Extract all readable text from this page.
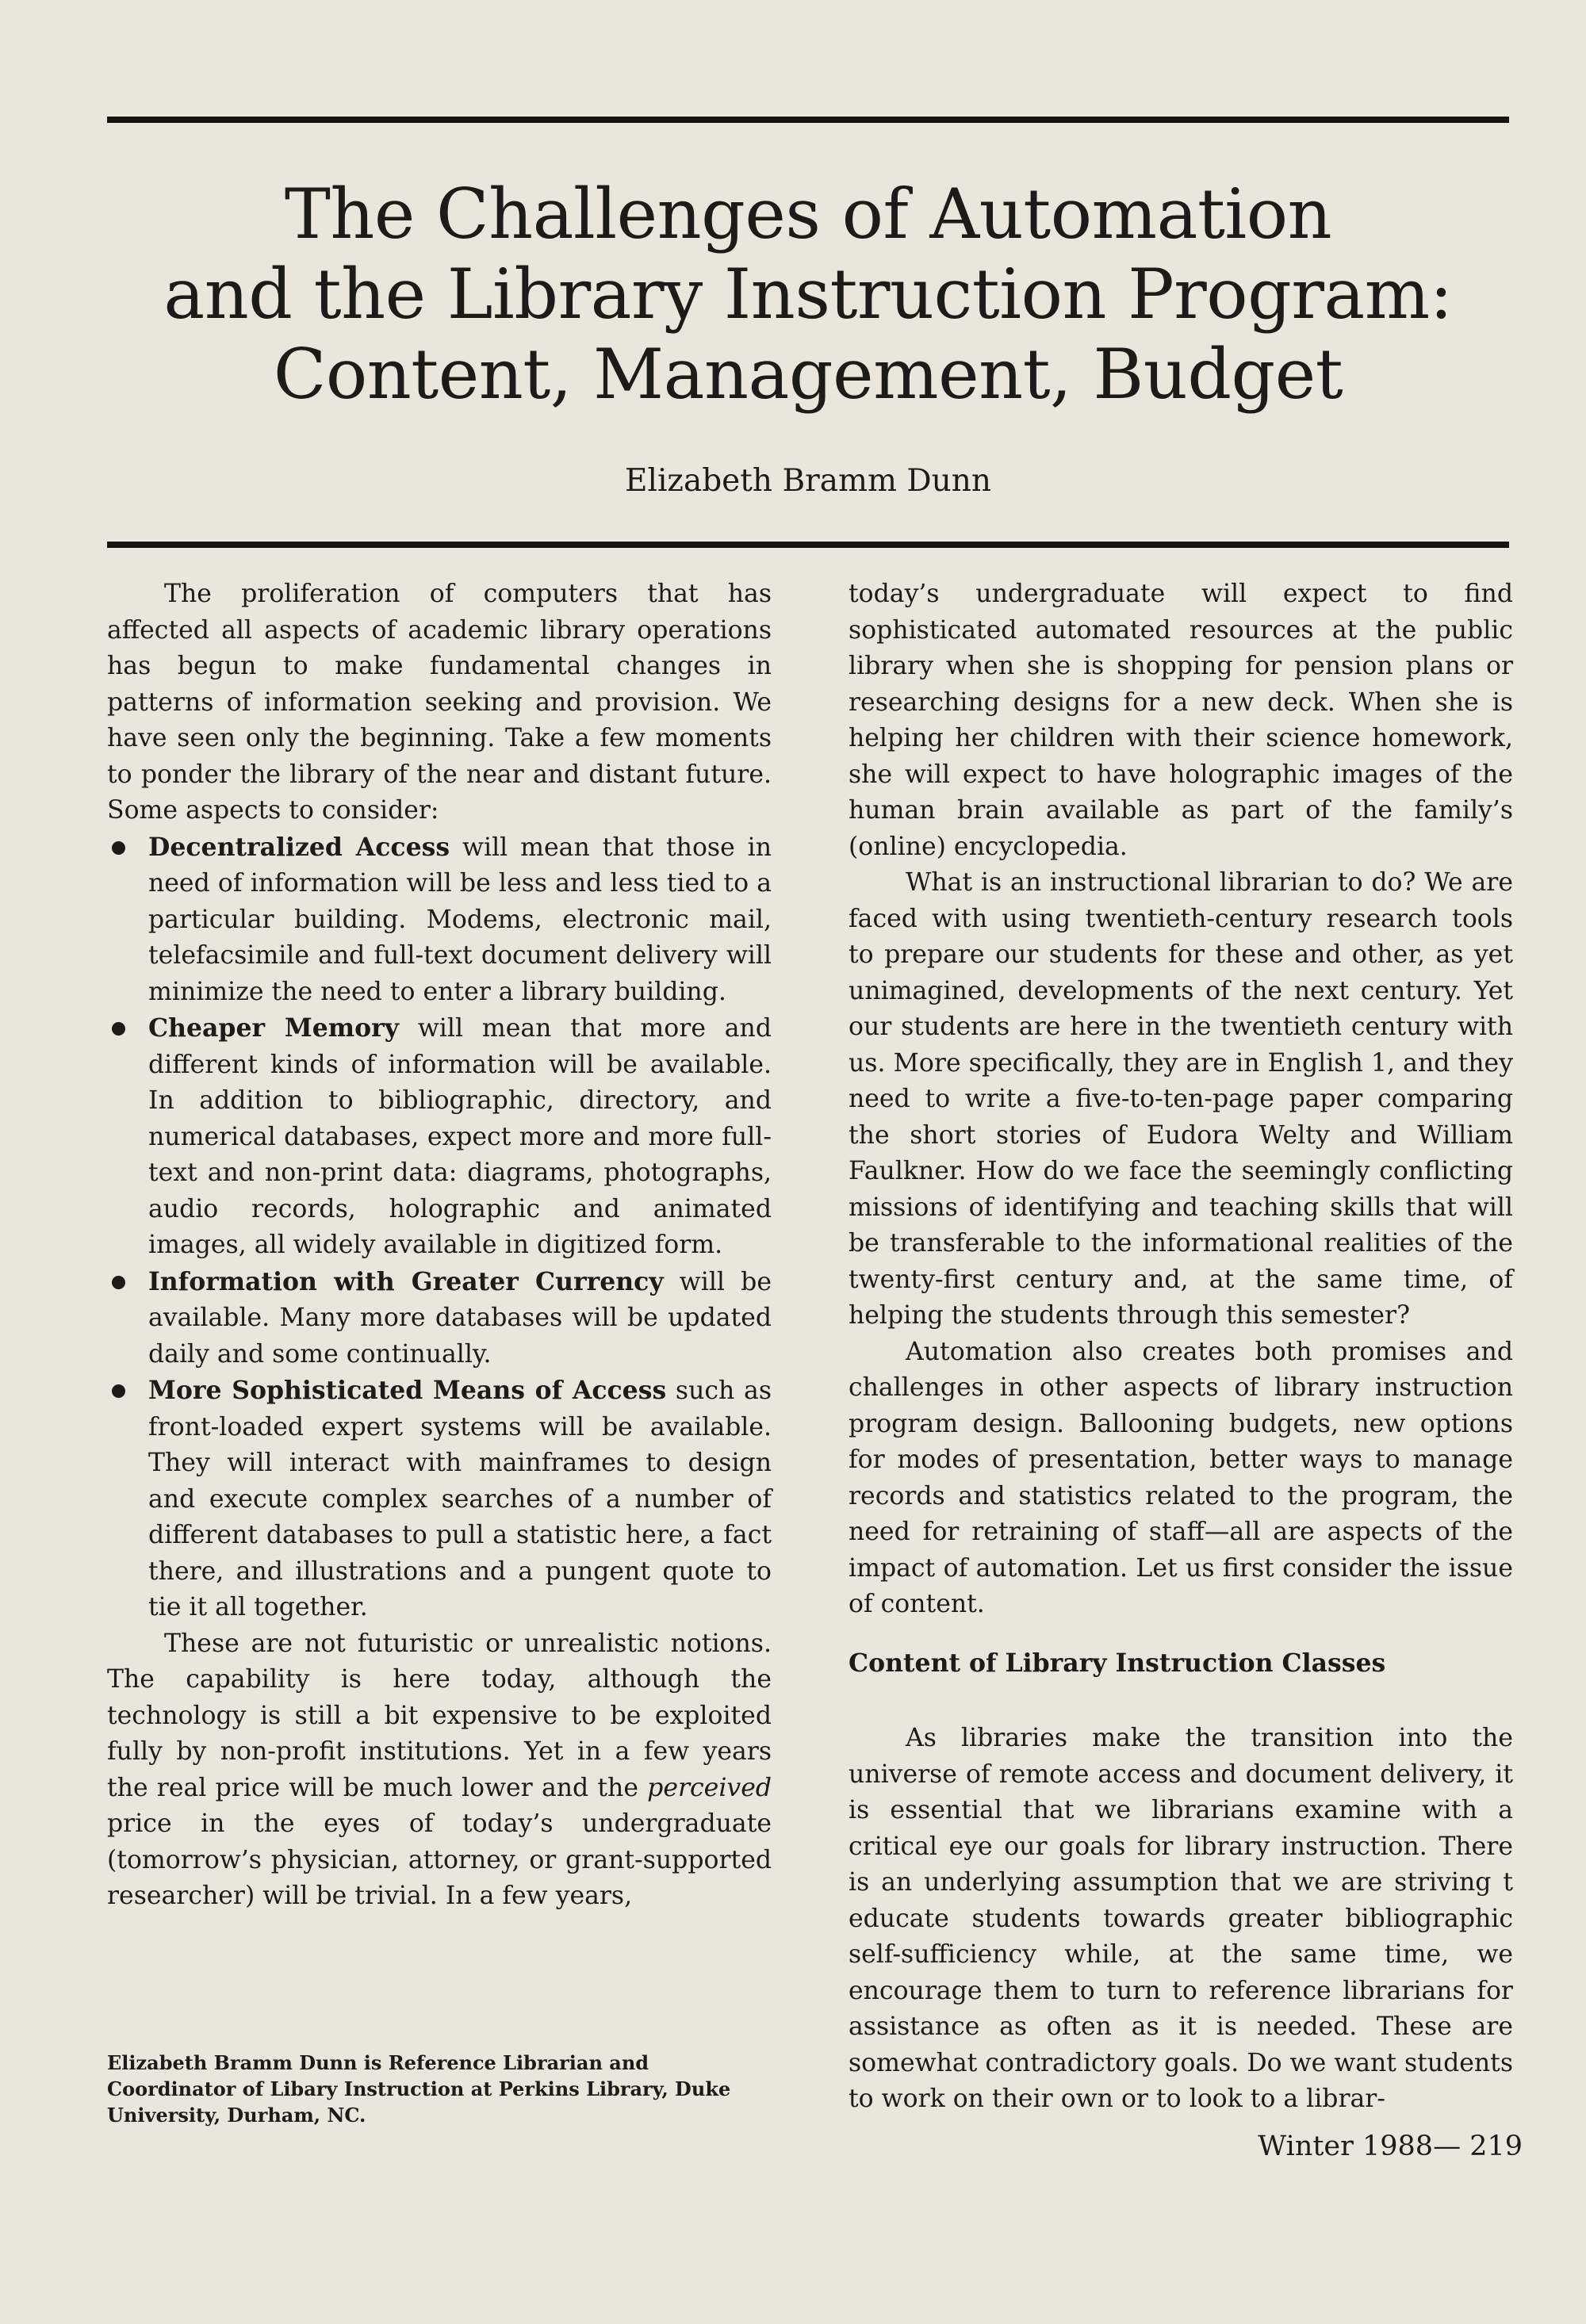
The Challenges of Automation
and the Library Instruction Program:
Content, Management, Budget
Elizabeth Bramm Dunn

The proliferation of computers that has affected all aspects of academic library operations has begun to make fundamental changes in patterns of information seeking and provision. We have seen only the beginning. Take a few moments to ponder the library of the near and distant future. Some aspects to consider:

Decentralized Access will mean that those in need of information will be less and less tied to a particular building. Modems, electronic mail, telefacsimile and full-text document delivery will minimize the need to enter a library building.
Cheaper Memory will mean that more and different kinds of information will be available. In addition to bibliographic, directory, and numerical databases, expect more and more full-text and non-print data: diagrams, photographs, audio records, holographic and animated images, all widely available in digitized form.
Information with Greater Currency will be available. Many more databases will be updated daily and some continually.
More Sophisticated Means of Access such as front-loaded expert systems will be available. They will interact with mainframes to design and execute complex searches of a number of different databases to pull a statistic here, a fact there, and illustrations and a pungent quote to tie it all together.

These are not futuristic or unrealistic notions. The capability is here today, although the technology is still a bit expensive to be exploited fully by non-profit institutions. Yet in a few years the real price will be much lower and the perceived price in the eyes of today’s undergraduate (tomorrow’s physician, attorney, or grant-supported researcher) will be trivial. In a few years,

today’s undergraduate will expect to find sophisticated automated resources at the public library when she is shopping for pension plans or researching designs for a new deck. When she is helping her children with their science homework, she will expect to have holographic images of the human brain available as part of the family’s (online) encyclopedia.

What is an instructional librarian to do? We are faced with using twentieth-century research tools to prepare our students for these and other, as yet unimagined, developments of the next century. Yet our students are here in the twentieth century with us. More specifically, they are in English 1, and they need to write a five-to-ten-page paper comparing the short stories of Eudora Welty and William Faulkner. How do we face the seemingly conflicting missions of identifying and teaching skills that will be transferable to the informational realities of the twenty-first century and, at the same time, of helping the students through this semester?

Automation also creates both promises and challenges in other aspects of library instruction program design. Ballooning budgets, new options for modes of presentation, better ways to manage records and statistics related to the program, the need for retraining of staff—all are aspects of the impact of automation. Let us first consider the issue of content.

Content of Library Instruction Classes

As libraries make the transition into the universe of remote access and document delivery, it is essential that we librarians examine with a critical eye our goals for library instruction. There is an underlying assumption that we are striving t educate students towards greater bibliographic self-sufficiency while, at the same time, we encourage them to turn to reference librarians for assistance as often as it is needed. These are somewhat contradictory goals. Do we want students to work on their own or to look to a librar-

Elizabeth Bramm Dunn is Reference Librarian and Coordinator of Libary Instruction at Perkins Library, Duke University, Durham, NC.
Winter 1988— 219
